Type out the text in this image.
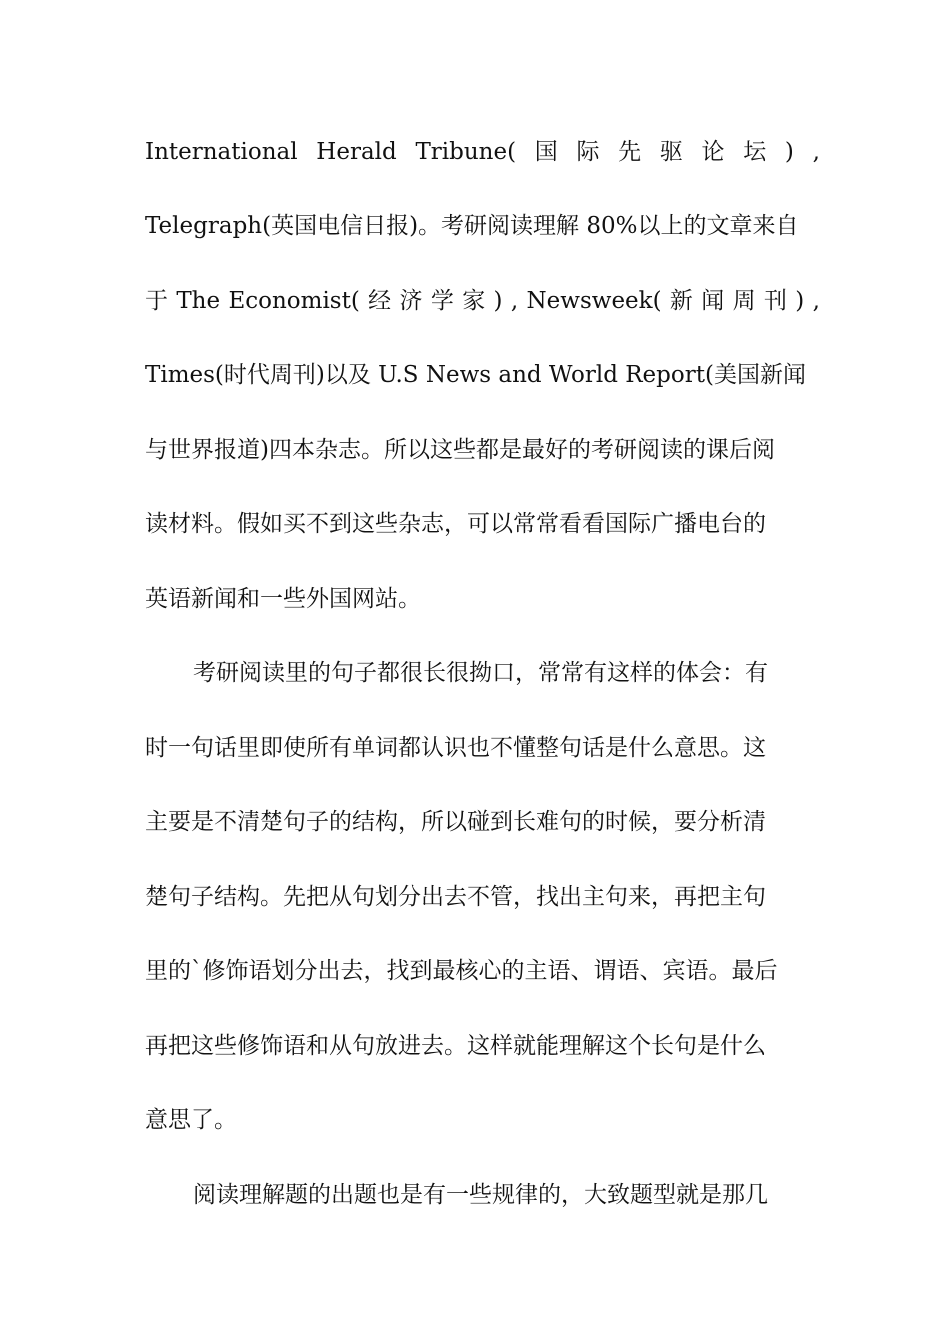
International Herald Tribune( 国 际 先 驱 论 坛 ) ,
Telegraph(英国电信日报)。考研阅读理解 80%以上的文章来自
于 The Economist( 经 济 学 家 ) , Newsweek( 新 闻 周 刊 ) ,
Times(时代周刊)以及 U.S News and World Report(美国新闻
与世界报道)四本杂志。所以这些都是最好的考研阅读的课后阅
读材料。假如买不到这些杂志，可以常常看看国际广播电台的
英语新闻和一些外国网站。
考研阅读里的句子都很长很拗口，常常有这样的体会：有
时一句话里即使所有单词都认识也不懂整句话是什么意思。这
主要是不清楚句子的结构，所以碰到长难句的时候，要分析清
楚句子结构。先把从句划分出去不管，找出主句来，再把主句
里的`修饰语划分出去，找到最核心的主语、谓语、宾语。最后
再把这些修饰语和从句放进去。这样就能理解这个长句是什么
意思了。
阅读理解题的出题也是有一些规律的，大致题型就是那几
